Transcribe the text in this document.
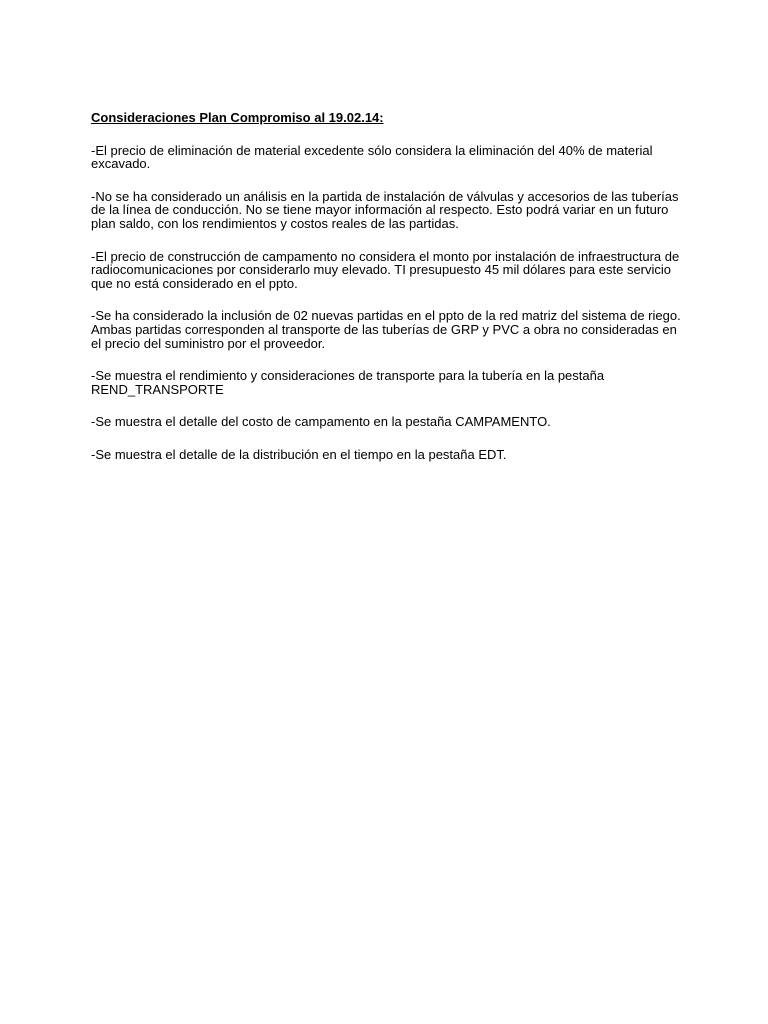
Consideraciones Plan Compromiso al 19.02.14:
-El precio de eliminación de material excedente sólo considera la eliminación del 40% de material excavado.
-No se ha considerado un análisis en la partida de instalación de válvulas y accesorios de las tuberías de la línea de conducción. No se tiene mayor información al respecto. Esto podrá variar en un futuro plan saldo, con los rendimientos y costos reales de las partidas.
-El precio de construcción de campamento no considera el monto por instalación de infraestructura de radiocomunicaciones por considerarlo muy elevado. TI presupuesto 45 mil dólares para este servicio que no está considerado en el ppto.
-Se ha considerado la inclusión de 02 nuevas partidas en el ppto de la red matriz del sistema de riego. Ambas partidas corresponden al transporte de las tuberías de GRP y PVC a obra no consideradas en el precio del suministro por el proveedor.
-Se muestra el rendimiento y consideraciones de transporte para la tubería en la pestaña REND_TRANSPORTE
-Se muestra el detalle del costo de campamento en la pestaña CAMPAMENTO.
-Se muestra el detalle de la distribución en el tiempo en la pestaña EDT.
